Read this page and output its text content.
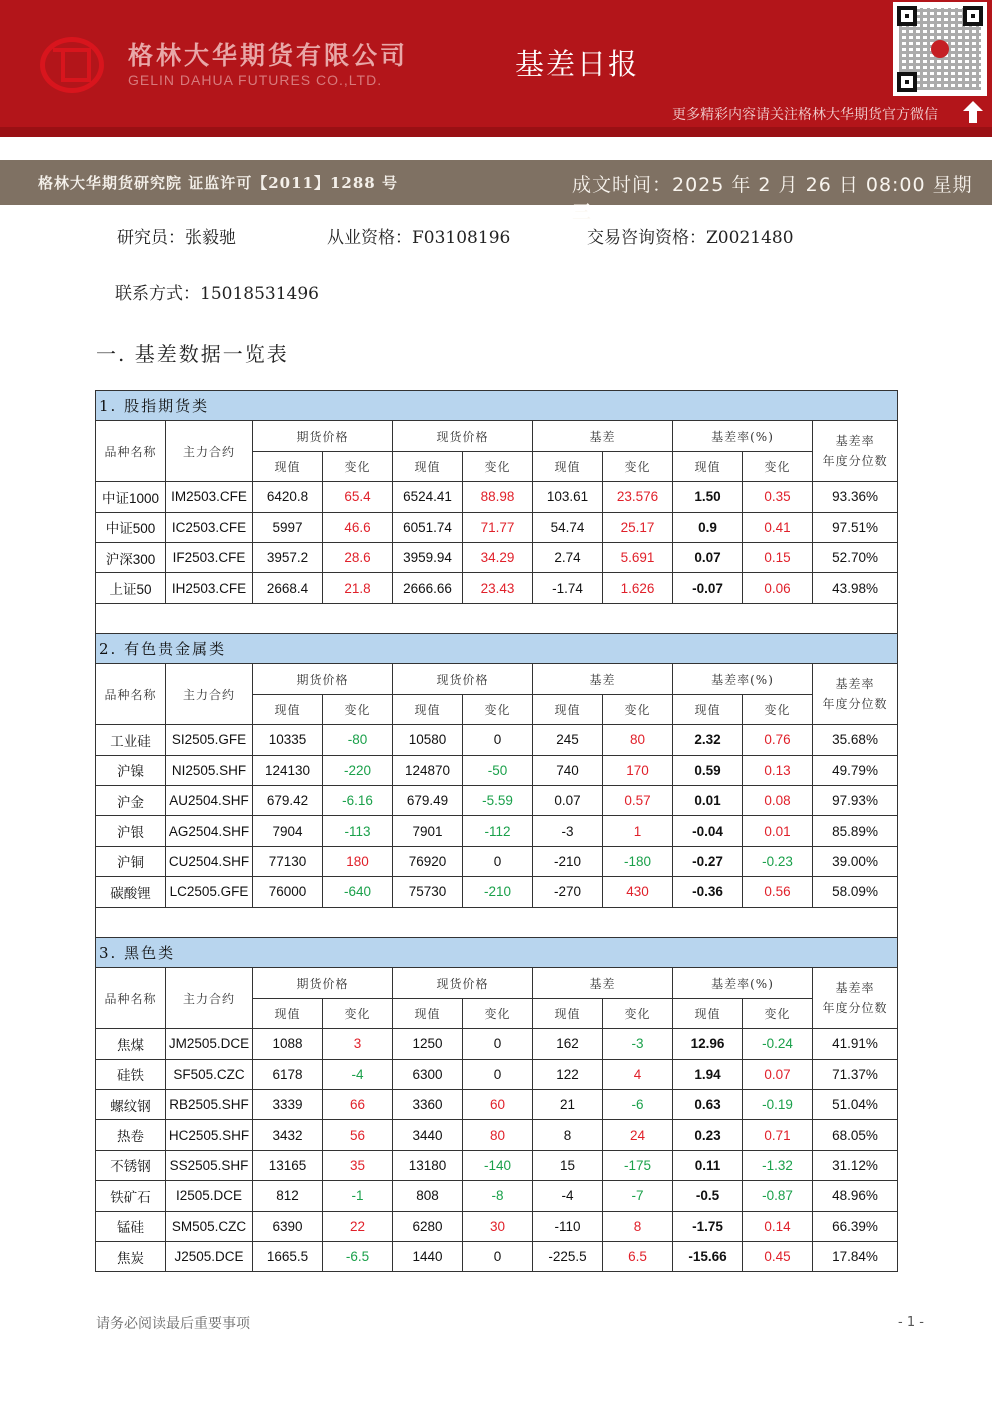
格林大华期货有限公司
GELIN DAHUA FUTURES CO.,LTD.	基差日报
更多精彩内容请关注格林大华期货官方微信
格林大华期货研究院 证监许可【2011】1288 号	成文时间：2025 年 2 月 26 日 08:00 星期三
研究员：张毅驰	从业资格：F03108196	交易咨询资格：Z0021480
联系方式：15018531496
一. 基差数据一览表
1. 股指期货类										
品种名称	主力合约	期货价格		现货价格		基差		基差率(%)		基差率
年度分位数

		现值	变化	现值	变化	现值	变化	现值	变化	
中证1000	IM2503.CFE	6420.8	65.4	6524.41	88.98	103.61	23.576	1.50	0.35	93.36%
中证500	IC2503.CFE	5997	46.6	6051.74	71.77	54.74	25.17	0.9	0.41	97.51%
沪深300	IF2503.CFE	3957.2	28.6	3959.94	34.29	2.74	5.691	0.07	0.15	52.70%
上证50	IH2503.CFE	2668.4	21.8	2666.66	23.43	-1.74	1.626	-0.07	0.06	43.98%

2. 有色贵金属类										
品种名称	主力合约	期货价格		现货价格		基差		基差率(%)		基差率
年度分位数

		现值	变化	现值	变化	现值	变化	现值	变化	
工业硅	SI2505.GFE	10335	-80	10580	0	245	80	2.32	0.76	35.68%
沪镍	NI2505.SHF	124130	-220	124870	-50	740	170	0.59	0.13	49.79%
沪金	AU2504.SHF	679.42	-6.16	679.49	-5.59	0.07	0.57	0.01	0.08	97.93%
沪银	AG2504.SHF	7904	-113	7901	-112	-3	1	-0.04	0.01	85.89%
沪铜	CU2504.SHF	77130	180	76920	0	-210	-180	-0.27	-0.23	39.00%
碳酸锂	LC2505.GFE	76000	-640	75730	-210	-270	430	-0.36	0.56	58.09%

3. 黑色类										
品种名称	主力合约	期货价格		现货价格		基差		基差率(%)		基差率
年度分位数

		现值	变化	现值	变化	现值	变化	现值	变化	
焦煤	JM2505.DCE	1088	3	1250	0	162	-3	12.96	-0.24	41.91%
硅铁	SF505.CZC	6178	-4	6300	0	122	4	1.94	0.07	71.37%
螺纹钢	RB2505.SHF	3339	66	3360	60	21	-6	0.63	-0.19	51.04%
热卷	HC2505.SHF	3432	56	3440	80	8	24	0.23	0.71	68.05%
不锈钢	SS2505.SHF	13165	35	13180	-140	15	-175	0.11	-1.32	31.12%
铁矿石	I2505.DCE	812	-1	808	-8	-4	-7	-0.5	-0.87	48.96%
锰硅	SM505.CZC	6390	22	6280	30	-110	8	-1.75	0.14	66.39%
焦炭	J2505.DCE	1665.5	-6.5	1440	0	-225.5	6.5	-15.66	0.45	17.84%
请务必阅读最后重要事项	- 1 -
